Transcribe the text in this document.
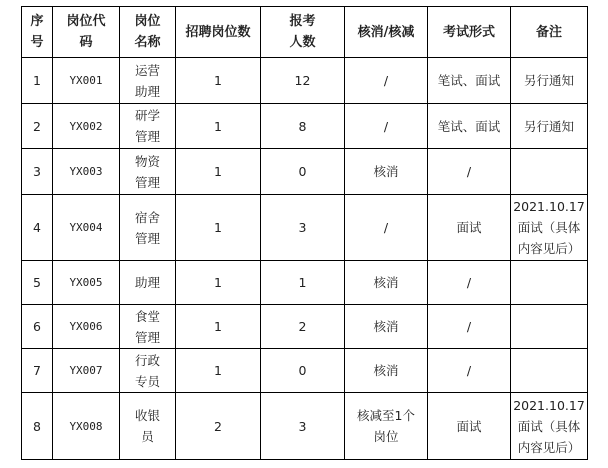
序
号	岗位代
码	岗位
名称	招聘岗位数	报考
人数	核消/核减	考试形式	备注

1	YX001	运营
助理	1	12	/	笔试、面试	另行通知

2	YX002	研学
管理	1	8	/	笔试、面试	另行通知

3	YX003	物资
管理	1	0	核消	/	

4	YX004	宿舍
管理	1	3	/	面试	2021.10.17
面试（具体
内容见后）

5	YX005	助理	1	1	核消	/	

6	YX006	食堂
管理	1	2	核消	/	

7	YX007	行政
专员	1	0	核消	/	

8	YX008	收银
员	2	3	核减至1个
岗位	面试	2021.10.17
面试（具体
内容见后）
